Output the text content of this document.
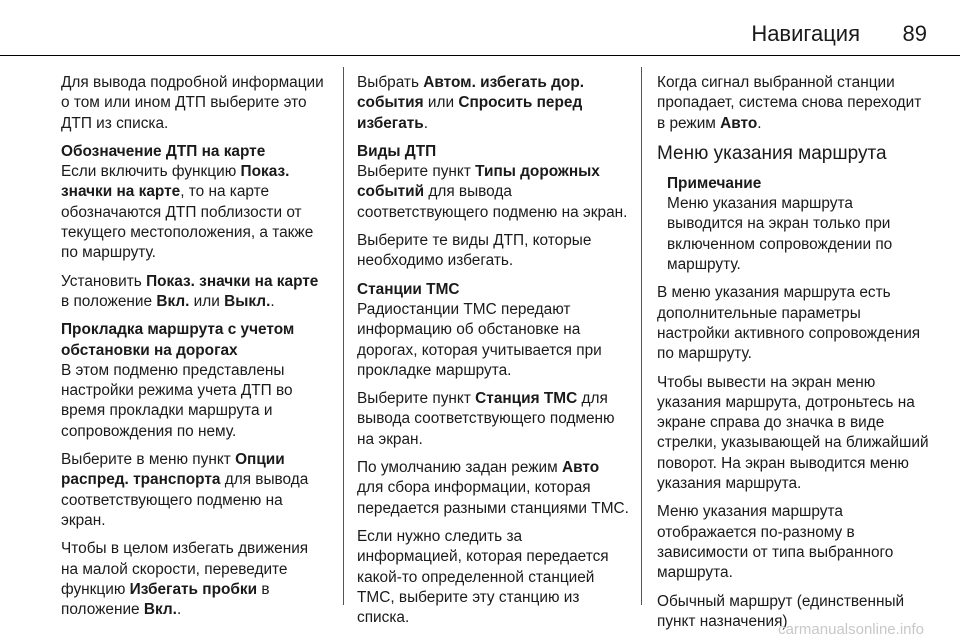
Навигация 89

Для вывода подробной информации о том или ином ДТП выберите это ДТП из списка.

Обозначение ДТП на карте
Если включить функцию Показ. значки на карте, то на карте обозначаются ДТП поблизости от текущего местоположения, а также по маршруту.

Установить Показ. значки на карте в положение Вкл. или Выкл..

Прокладка маршрута с учетом обстановки на дорогах
В этом подменю представлены настройки режима учета ДТП во время прокладки маршрута и сопровождения по нему.

Выберите в меню пункт Опции распред. транспорта для вывода соответствующего подменю на экран.

Чтобы в целом избегать движения на малой скорости, переведите функцию Избегать пробки в положение Вкл..

Выбрать Автом. избегать дор. события или Спросить перед избегать.

Виды ДТП
Выберите пункт Типы дорожных событий для вывода соответствующего подменю на экран.

Выберите те виды ДТП, которые необходимо избегать.

Станции TMC
Радиостанции TMC передают информацию об обстановке на дорогах, которая учитывается при прокладке маршрута.

Выберите пункт Станция TMC для вывода соответствующего подменю на экран.

По умолчанию задан режим Авто для сбора информации, которая передается разными станциями TMC.

Если нужно следить за информацией, которая передается какой-то определенной станцией TMC, выберите эту станцию из списка.

Когда сигнал выбранной станции пропадает, система снова переходит в режим Авто.

Меню указания маршрута
Примечание
Меню указания маршрута выводится на экран только при включенном сопровождении по маршруту.

В меню указания маршрута есть дополнительные параметры настройки активного сопровождения по маршруту.

Чтобы вывести на экран меню указания маршрута, дотроньтесь на экране справа до значка в виде стрелки, указывающей на ближайший поворот. На экран выводится меню указания маршрута.

Меню указания маршрута отображается по-разному в зависимости от типа выбранного маршрута.

Обычный маршрут (единственный пункт назначения)

carmanualsonline.info
